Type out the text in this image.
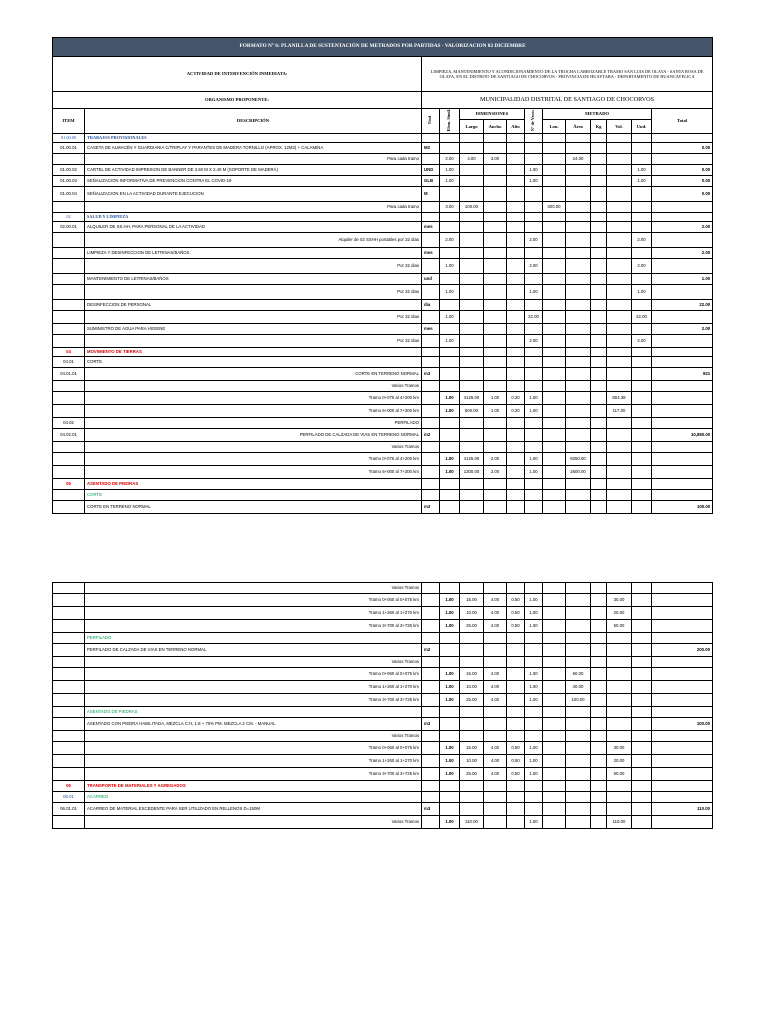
FORMATO N° 6: PLANILLA DE SUSTENTACIÓN DE METRADOS POR PARTIDAS - VALORIZACION 02 DICIEMBRE													
ACTIVIDAD DE INTERVENCIÓN INMEDIATA:		LIMPIEZA, MANTENIMIENTO Y ACONDICIONAMIENTO DE LA TROCHA CARROZABLE TRAMO SAN LUIS DE OLAYA - SANTA ROSA DE OLAYA, EN EL DISTRITO DE SANTIAGO DE CHOCORVOS - PROVINCIA DE HUAYTARA - DEPARTAMENTO DE HUANCAVELICA											
ORGANISMO PROPONENTE:		MUNICIPALIDAD DISTRITAL DE SANTIAGO DE CHOCORVOS											
ITEM	DESCRIPCIÓN	Und	Elem. Simil.	DIMENSIONES			N° de Veces	METRADO					Total
				Largo	Ancho	Alto		Lon.	Área	Kg	Vol.	Und.	
01.00.00	TRABAJOS PROVISIONALES												
01.00.01	CASETA DE ALMACÉN Y GUARDIANIA C/TRIPLAY Y PARANTES DE MADERA TORNILLO (APROX. 12M2) + CALAMINA	M2											0.00
	Para cada tramo		2.00	4.00	3.00				24.00				
01.00.02	CARTEL DE ACTIVIDAD IMPRESION DE BANNER DE 3.60 M X 2.40 M (SOPORTE DE MADERA)	UND	1.00				1.00					1.00	0.00
01.00.03	SEÑALIZACION INFORMATIVA DE PREVENCION CONTRA EL COVID-19	GLB	1.00				1.00					1.00	0.00
01.00.04	SEÑALIZACION EN LA ACTIVIDAD DURANTE EJECUCION	M											0.00
	Para cada tramo		3.00	100.00				300.00					
02	SALUD Y LIMPIEZA												
02.00.01	ALQUILER DE SS.HH. PARA PERSONAL DE LA ACTIVIDAD	mes											2.00
	Alquiler de 02 SSHH portatiles por 32 dias		2.00				2.00					2.00	
	LIMPIEZA Y DESINFECCION DE LETRINAS/BAÑOS	mes											2.00
	Por 32 dias		1.00				2.00					2.00	
	MANTENIMIENTO DE LETRINAS/BAÑOS	und											1.00
	Por 32 dias		1.00				1.00					1.00	
	DESINFECCION DE PERSONAL	dia											22.00
	Por 32 dias		1.00				22.00					22.00	
	SUMINISTRO DE AGUA PARA HIGIENE	mes											2.00
	Por 32 dias		1.00				2.00					2.00	
04	MOVIMIENTO DE TIERRAS												
04.01	CORTE												
04.01.01	CORTE EN TERRENO NORMAL	m3											921
	Varios Tramos												
	Tramo 0+075 al 4+200 km		1.00	4125.00	1.00	0.20	1.00				804.38		
	Tramo 6+000 al 7+300 km		1.00	600.00	1.00	0.20	1.00				117.00		
04.02	PERFILADO												
04.02.01	PERFILADO DE CALZADA DE VIAS EN TERRENO NORMAL	m2											10,850.00
	Varios Tramos												
	Tramo 0+075 al 4+200 km		1.00	4125.00	2.00		1.00		8250.00				
	Tramo 6+000 al 7+300 km		1.00	1300.00	2.00		1.00		2600.00				
05	ASENTADO DE PIEDRAS												
	CORTE												
	CORTE EN TERRENO NORMAL	m3											100.00
	Varios Tramos												
	Tramo 0+060 al 0+075 km		1.00	15.00	4.00	0.50	1.00				30.00		
	Tramo 1+260 al 1+270 km		1.00	10.00	4.00	0.50	1.00				20.00		
	Tramo 3+700 al 3+725 km		1.00	25.00	4.00	0.50	1.00				50.00		
	PERFILADO												
	PERFILADO DE CALZADA DE VIAS EN TERRENO NORMAL	m2											200.00
	Varios Tramos												
	Tramo 0+060 al 0+075 km		1.00	15.00	4.00		1.00		60.00				
	Tramo 1+260 al 1+270 km		1.00	10.00	4.00		1.00		40.00				
	Tramo 3+700 al 3+725 km		1.00	25.00	4.00		1.00		100.00				
	ASENTADO DE PIEDRAS												
	ASENTADO CON PIEDRA HABILITADA, MEZCLA C:H, 1:8 + 70% PM. MEZCLA 2 CM. - MANUAL	m3											100.00
	Varios Tramos												
	Tramo 0+060 al 0+075 km		1.00	15.00	4.00	0.50	1.00				30.00		
	Tramo 1+260 al 1+270 km		1.00	10.00	4.00	0.50	1.00				20.00		
	Tramo 3+700 al 3+725 km		1.00	25.00	4.00	0.50	1.00				50.00		
06	TRANSPORTE DE MATERIALES Y AGREGADOS												
06.01	ACARREO												
06.01.01	ACARREO DE MATERIAL EXCEDENTE PARA SER UTILIZADO EN RELLENOS D=150M	m3											110.00
	Varios Tramos		1.00	110.00			1.00				110.00		
